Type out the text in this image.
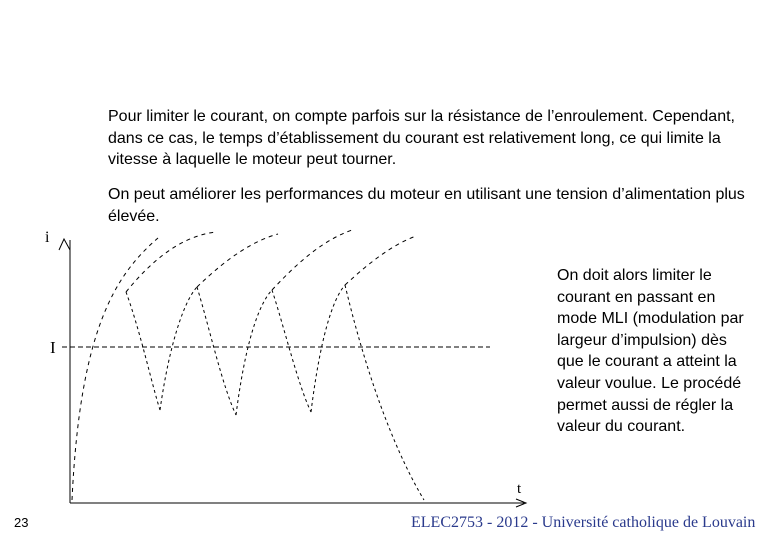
Pour limiter le courant, on compte parfois sur la résistance de l’enroulement. Cependant, dans ce cas, le temps d’établissement du courant est relativement long, ce qui limite la vitesse à laquelle le moteur peut tourner.

On peut améliorer les performances du moteur en utilisant une tension d’alimentation plus élevée.

On doit alors limiter le courant en passant en mode MLI (modulation par largeur d’impulsion) dès que le courant a atteint la valeur voulue. Le procédé permet aussi de régler la valeur du courant.

i
I
t
23	ELEC2753 - 2012 - Université catholique de Louvain
